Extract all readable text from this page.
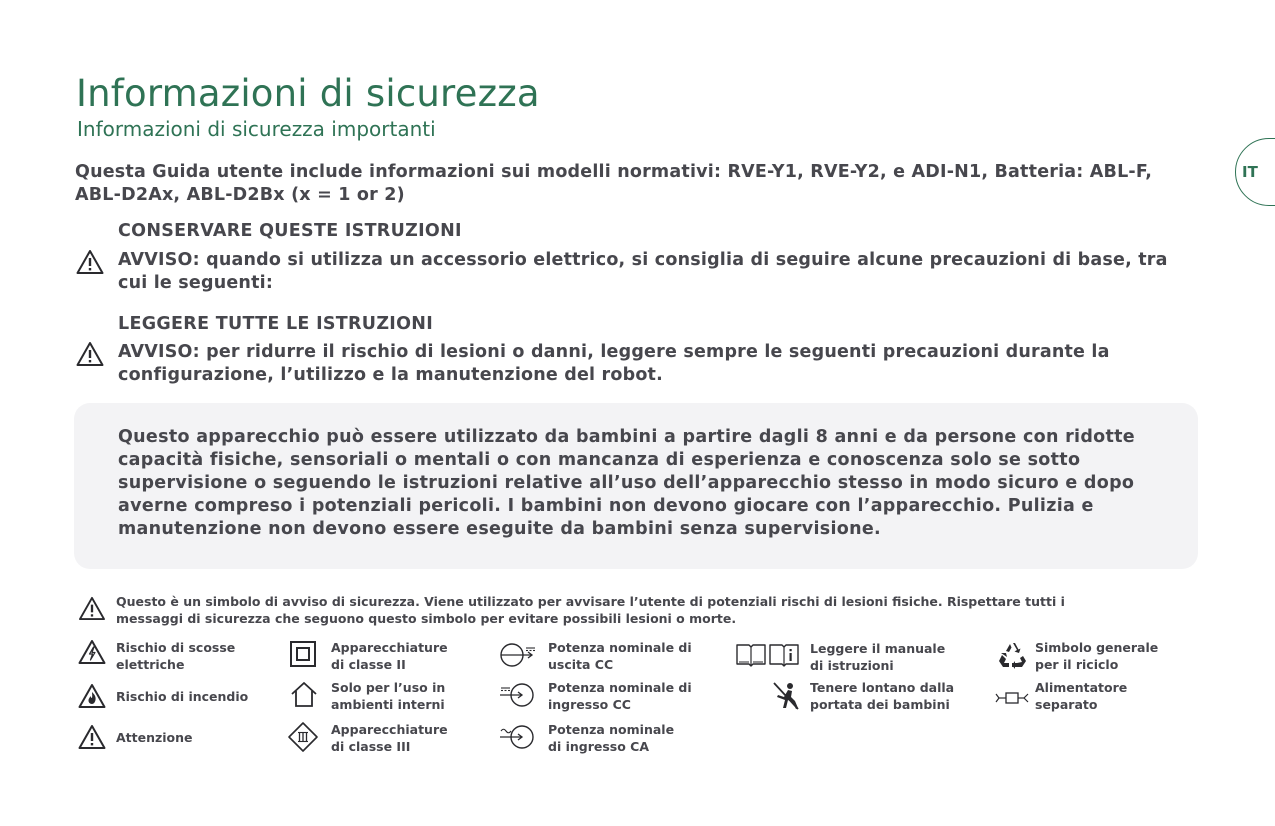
Informazioni di sicurezza
Informazioni di sicurezza importanti
IT

Questa Guida utente include informazioni sui modelli normativi: RVE-Y1, RVE-Y2, e ADI-N1, Batteria: ABL-F, ABL-D2Ax, ABL-D2Bx (x = 1 or 2)

CONSERVARE QUESTE ISTRUZIONI
AVVISO: quando si utilizza un accessorio elettrico, si consiglia di seguire alcune precauzioni di base, tra cui le seguenti:
LEGGERE TUTTE LE ISTRUZIONI
AVVISO: per ridurre il rischio di lesioni o danni, leggere sempre le seguenti precauzioni durante la configurazione, l’utilizzo e la manutenzione del robot.

Questo apparecchio può essere utilizzato da bambini a partire dagli 8 anni e da persone con ridotte capacità fisiche, sensoriali o mentali o con mancanza di esperienza e conoscenza solo se sotto supervisione o seguendo le istruzioni relative all’uso dell’apparecchio stesso in modo sicuro e dopo averne compreso i potenziali pericoli. I bambini non devono giocare con l’apparecchio. Pulizia e manutenzione non devono essere eseguite da bambini senza supervisione.

Questo è un simbolo di avviso di sicurezza. Viene utilizzato per avvisare l’utente di potenziali rischi di lesioni fisiche. Rispettare tutti i messaggi di sicurezza che seguono questo simbolo per evitare possibili lesioni o morte.
Rischio di scosse
elettriche
Rischio di incendio
Attenzione
Apparecchiature
di classe II
Solo per l’uso in
ambienti interni
Apparecchiature
di classe III
Potenza nominale di
uscita CC
Potenza nominale di
ingresso CC
Potenza nominale
di ingresso CA
Leggere il manuale
di istruzioni
Tenere lontano dalla
portata dei bambini
Simbolo generale
per il riciclo
Alimentatore
separato
